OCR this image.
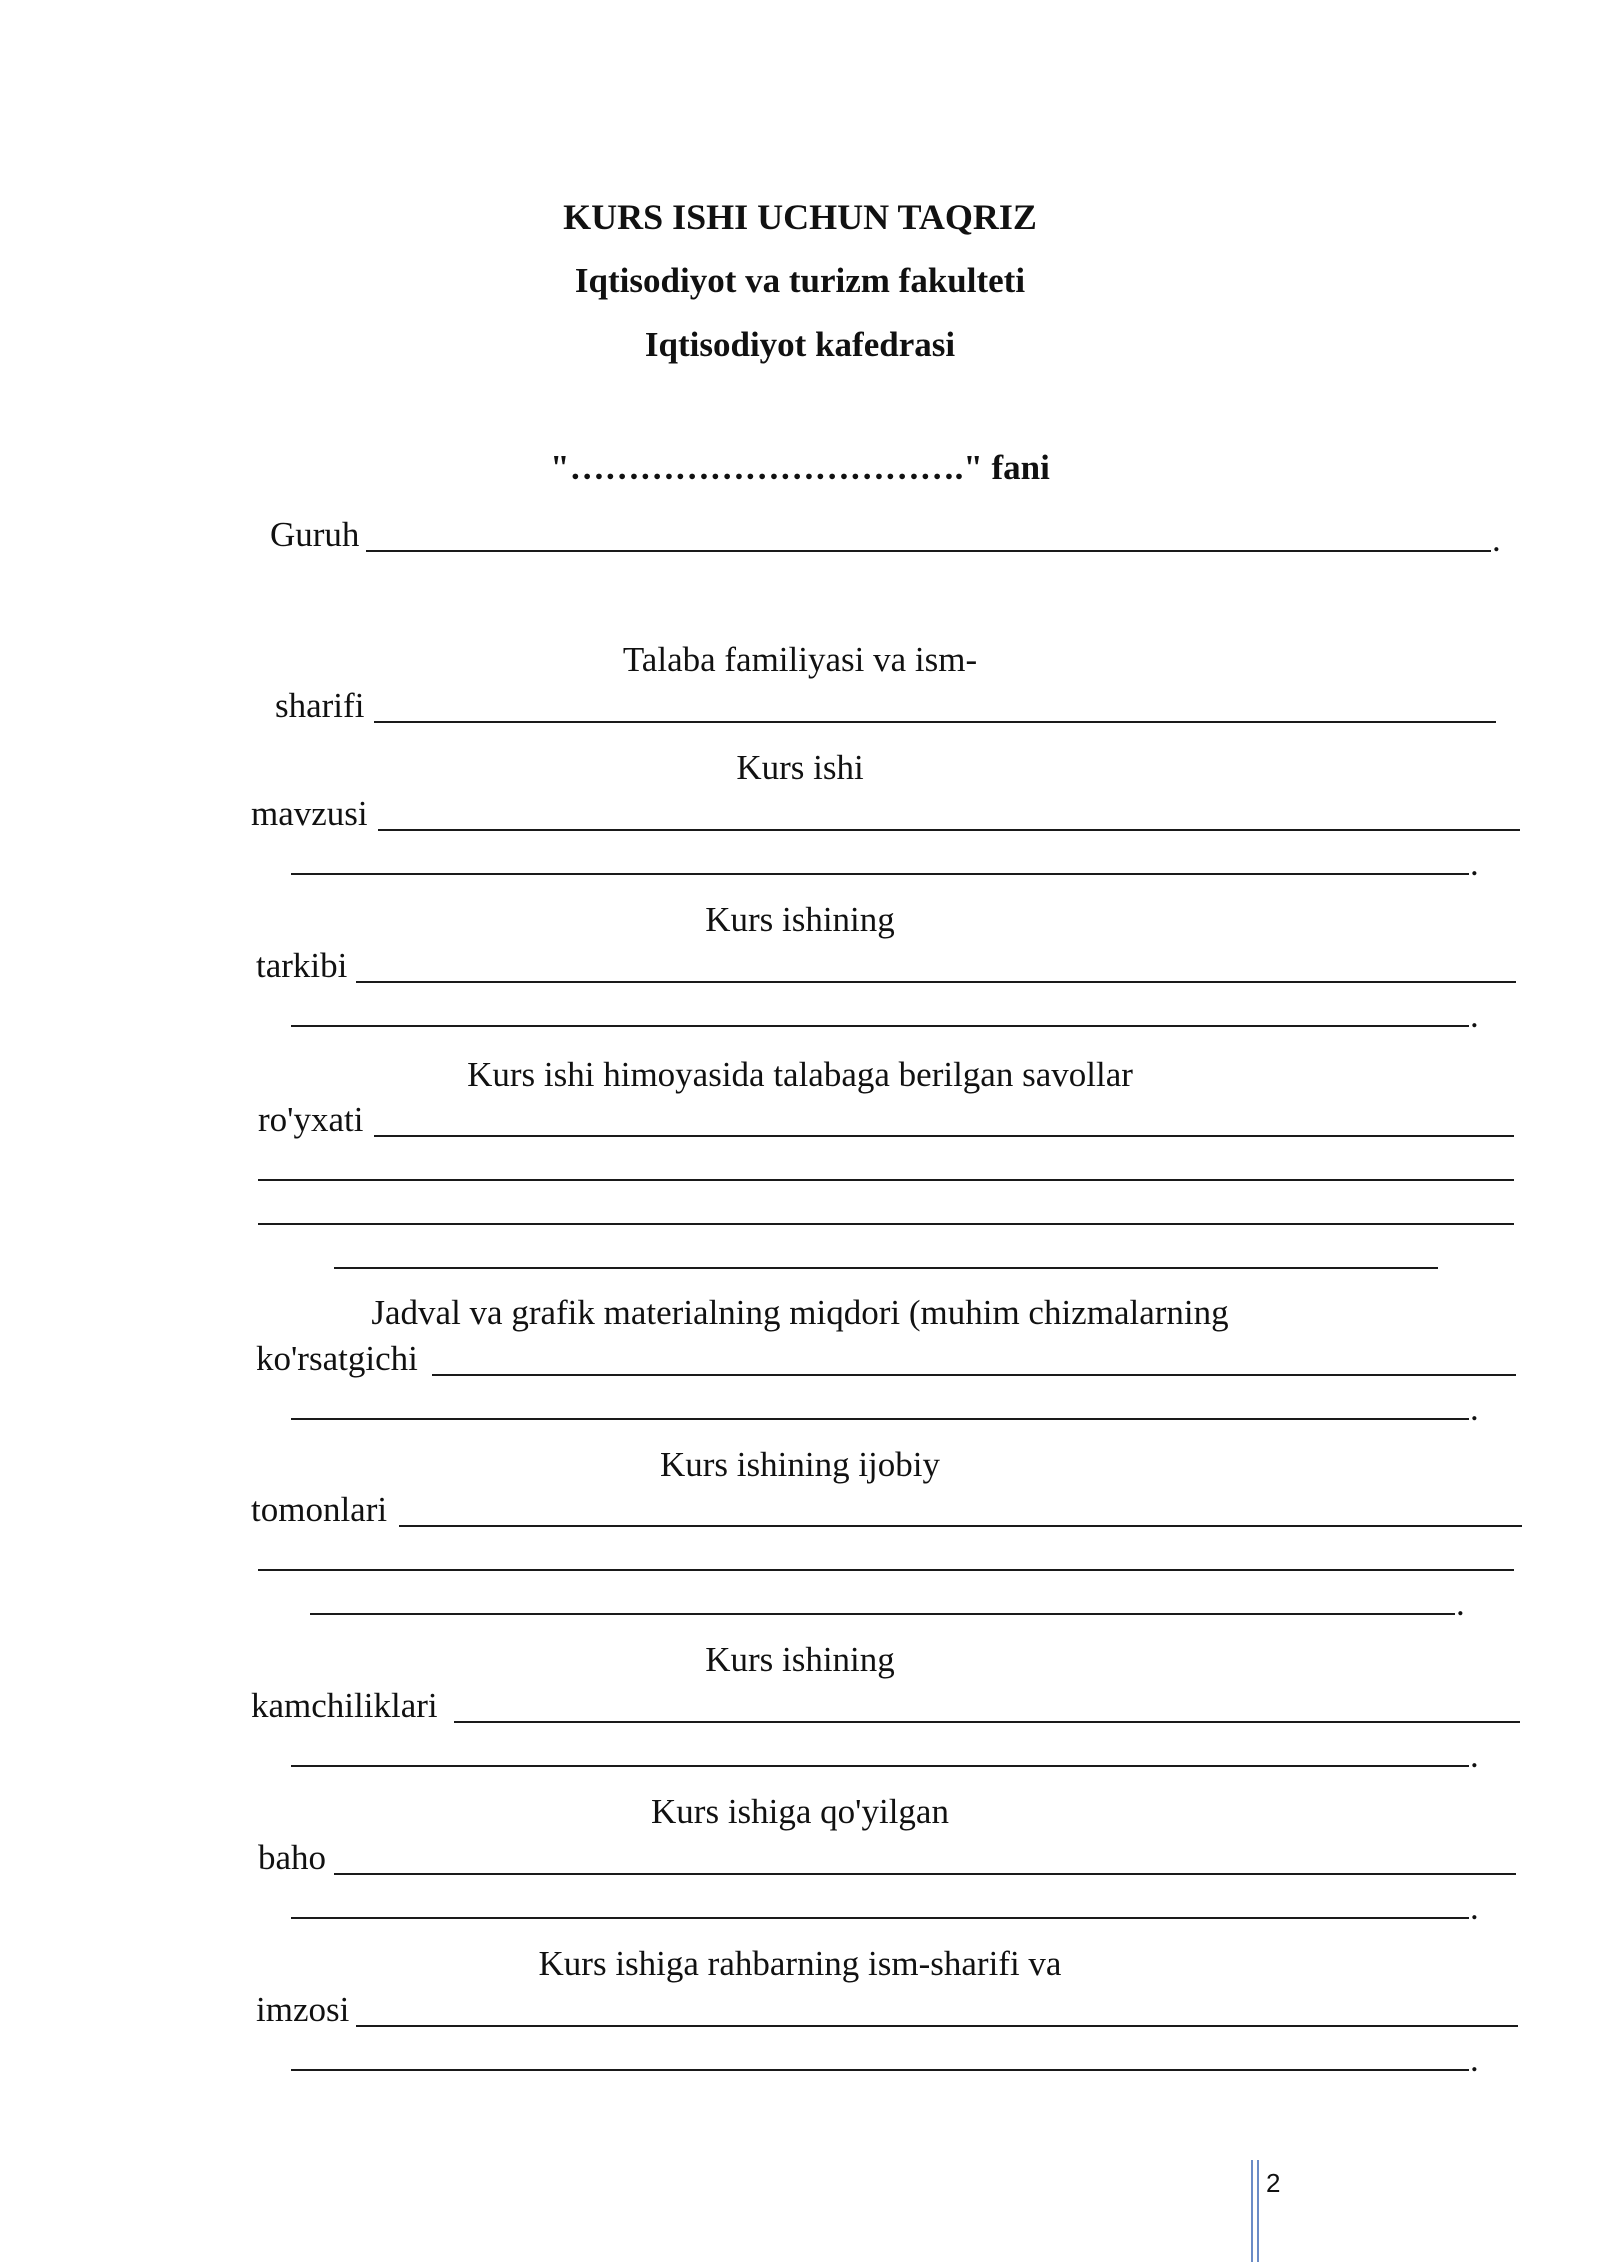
KURS ISHI UCHUN TAQRIZ
Iqtisodiyot va turizm fakulteti
Iqtisodiyot kafedrasi
"……………………………." fani
Guruh	.
Talaba familiyasi va ism-
sharifi
Kurs ishi
mavzusi
.
Kurs ishining
tarkibi
.
Kurs ishi himoyasida talabaga berilgan savollar
ro'yxati
Jadval va grafik materialning miqdori (muhim chizmalarning
ko'rsatgichi
.
Kurs ishining ijobiy
tomonlari
.
Kurs ishining
kamchiliklari
.
Kurs ishiga qo'yilgan
baho
.
Kurs ishiga rahbarning ism-sharifi va
imzosi
.
2
